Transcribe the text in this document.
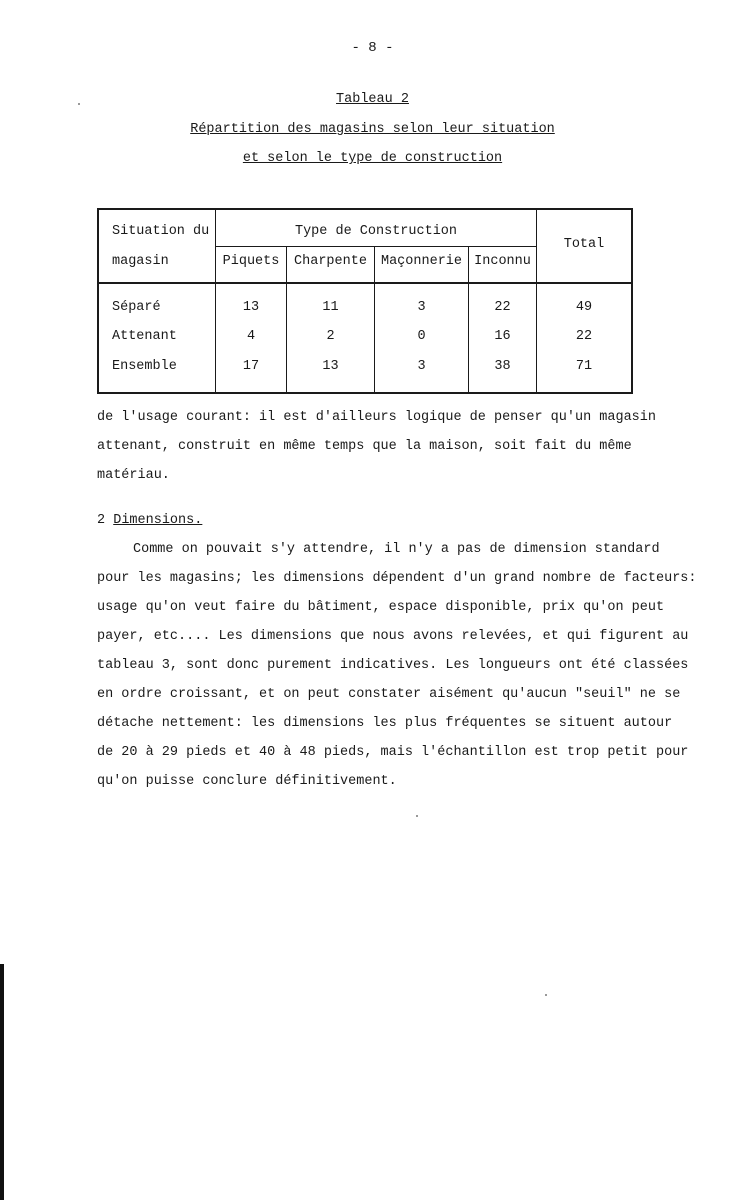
- 8 -
Tableau 2
Répartition des magasins selon leur situation
et selon le type de construction
Situation du
magasin
Type de Construction
Total
Piquets	Charpente	Maçonnerie Inconnu
Séparé	13	11	3	22	49
Attenant	4	2	0	16	22
Ensemble	17	13	3	38	71
de l'usage courant: il est d'ailleurs logique de penser qu'un magasin
attenant, construit en même temps que la maison, soit fait du même
matériau.
2 Dimensions.
Comme on pouvait s'y attendre, il n'y a pas de dimension standard
pour les magasins; les dimensions dépendent d'un grand nombre de facteurs:
usage qu'on veut faire du bâtiment, espace disponible, prix qu'on peut
payer, etc.... Les dimensions que nous avons relevées, et qui figurent au
tableau 3, sont donc purement indicatives. Les longueurs ont été classées
en ordre croissant, et on peut constater aisément qu'aucun "seuil" ne se
détache nettement: les dimensions les plus fréquentes se situent autour
de 20 à 29 pieds et 40 à 48 pieds, mais l'échantillon est trop petit pour
qu'on puisse conclure définitivement.
